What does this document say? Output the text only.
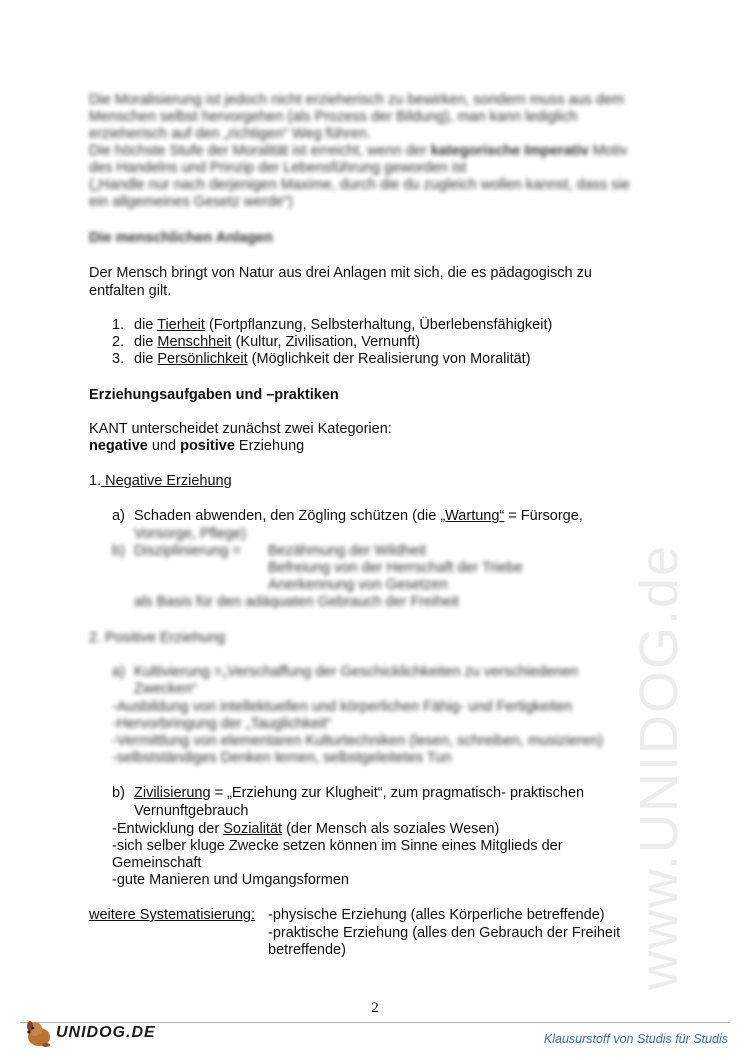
www.UNIDOG.de
Die Moralisierung ist jedoch nicht erzieherisch zu bewirken, sondern muss aus dem
Menschen selbst hervorgehen (als Prozess der Bildung), man kann lediglich
erzieherisch auf den „richtigen“ Weg führen.
Die höchste Stufe der Moralität ist erreicht, wenn der kategorische Imperativ Motiv
des Handelns und Prinzip der Lebensführung geworden ist
(„Handle nur nach derjenigen Maxime, durch die du zugleich wollen kannst, dass sie
ein allgemeines Gesetz werde“)
Die menschlichen Anlagen
Der Mensch bringt von Natur aus drei Anlagen mit sich, die es pädagogisch zu
entfalten gilt.
1. die Tierheit (Fortpflanzung, Selbsterhaltung, Überlebensfähigkeit)
2. die Menschheit (Kultur, Zivilisation, Vernunft)
3. die Persönlichkeit (Möglichkeit der Realisierung von Moralität)
Erziehungsaufgaben und –praktiken
KANT unterscheidet zunächst zwei Kategorien:
negative und positive Erziehung
1. Negative Erziehung
a) Schaden abwenden, den Zögling schützen (die „Wartung“ = Fürsorge,
Vorsorge, Pflege)
b) Disziplinierung = Bezähmung der Wildheit
Befreiung von der Herrschaft der Triebe
Anerkennung von Gesetzen
als Basis für den adäquaten Gebrauch der Freiheit
2. Positive Erziehung
a) Kultivierung =„Verschaffung der Geschicklichkeiten zu verschiedenen
Zwecken“
-Ausbildung von intellektuellen und körperlichen Fähig- und Fertigkeiten
-Hervorbringung der „Tauglichkeit“
-Vermittlung von elementaren Kulturtechniken (lesen, schreiben, musizieren)
-selbstständiges Denken lernen, selbstgeleitetes Tun
b) Zivilisierung = „Erziehung zur Klugheit“, zum pragmatisch- praktischen
Vernunftgebrauch
-Entwicklung der Sozialität (der Mensch als soziales Wesen)
-sich selber kluge Zwecke setzen können im Sinne eines Mitglieds der
Gemeinschaft
-gute Manieren und Umgangsformen
weitere Systematisierung: -physische Erziehung (alles Körperliche betreffende)
-praktische Erziehung (alles den Gebrauch der Freiheit
betreffende)
2
UNIDOG.DE	Klausurstoff von Studis für Studis
